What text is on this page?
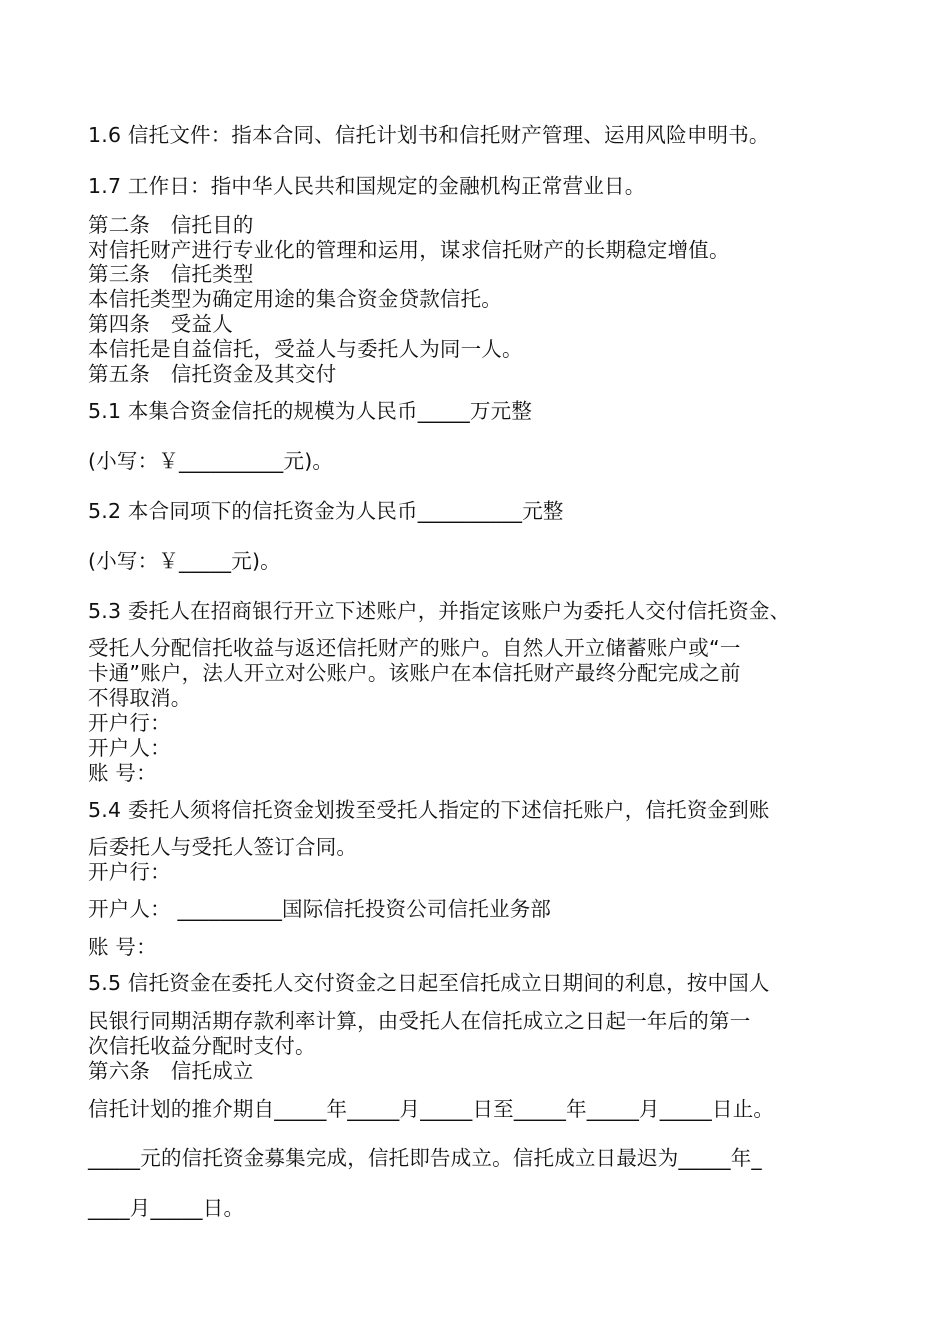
1.6 信托文件：指本合同、信托计划书和信托财产管理、运用风险申明书。
1.7 工作日：指中华人民共和国规定的金融机构正常营业日。
第二条　信托目的
对信托财产进行专业化的管理和运用，谋求信托财产的长期稳定增值。
第三条　信托类型
本信托类型为确定用途的集合资金贷款信托。
第四条　受益人
本信托是自益信托，受益人与委托人为同一人。
第五条　信托资金及其交付
5.1 本集合资金信托的规模为人民币_____万元整
(小写：￥__________元)。
5.2 本合同项下的信托资金为人民币__________元整
(小写：￥_____元)。
5.3 委托人在招商银行开立下述账户，并指定该账户为委托人交付信托资金、
受托人分配信托收益与返还信托财产的账户。自然人开立储蓄账户或“一
卡通”账户，法人开立对公账户。该账户在本信托财产最终分配完成之前
不得取消。
开户行：
开户人：
账 号：
5.4 委托人须将信托资金划拨至受托人指定的下述信托账户，信托资金到账
后委托人与受托人签订合同。
开户行：
开户人： __________国际信托投资公司信托业务部
账 号：
5.5 信托资金在委托人交付资金之日起至信托成立日期间的利息，按中国人
民银行同期活期存款利率计算，由受托人在信托成立之日起一年后的第一
次信托收益分配时支付。
第六条　信托成立
信托计划的推介期自_____年_____月_____日至_____年_____月_____日止。
_____元的信托资金募集完成，信托即告成立。信托成立日最迟为_____年_
____月_____日。
